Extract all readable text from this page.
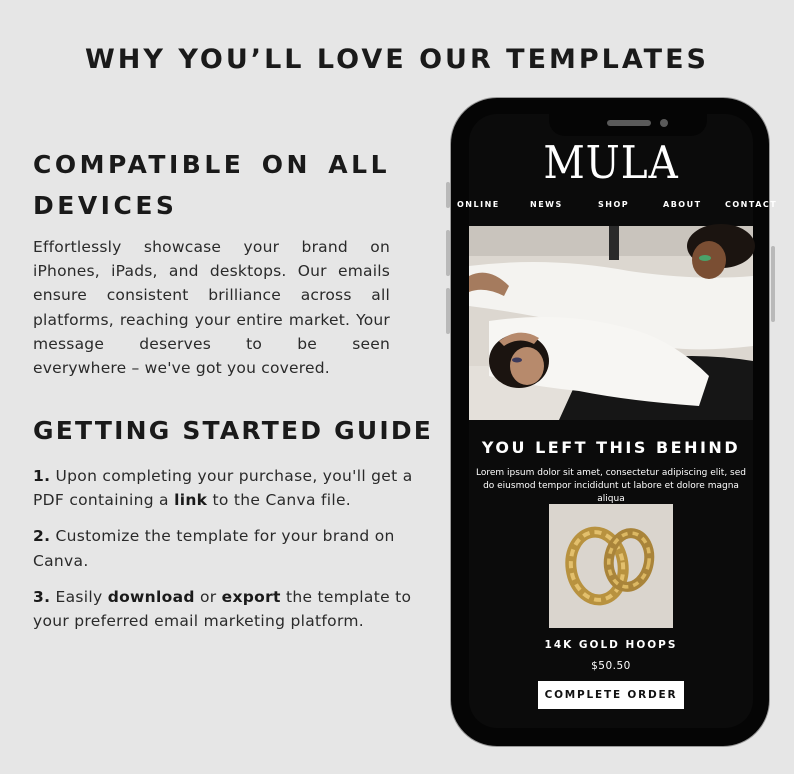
WHY YOU’LL LOVE OUR TEMPLATES

COMPATIBLE ON ALL

DEVICES

Effortlessly showcase your brand on iPhones, iPads, and desktops. Our emails ensure consistent brilliance across all platforms, reaching your entire market. Your message deserves to be seen

everywhere – we've got you covered.

GETTING STARTED GUIDE

1. Upon completing your purchase, you'll get a PDF containing a link to the Canva file.

2. Customize the template for your brand on Canva.

3. Easily download or export the template to your preferred email marketing platform.

MULA
ONLINE	NEWS	SHOP	ABOUT	CONTACT
YOU LEFT THIS BEHIND
Lorem ipsum dolor sit amet, consectetur adipiscing elit, sed do eiusmod tempor incididunt ut labore et dolore magna aliqua
14K GOLD HOOPS
$50.50
COMPLETE ORDER
